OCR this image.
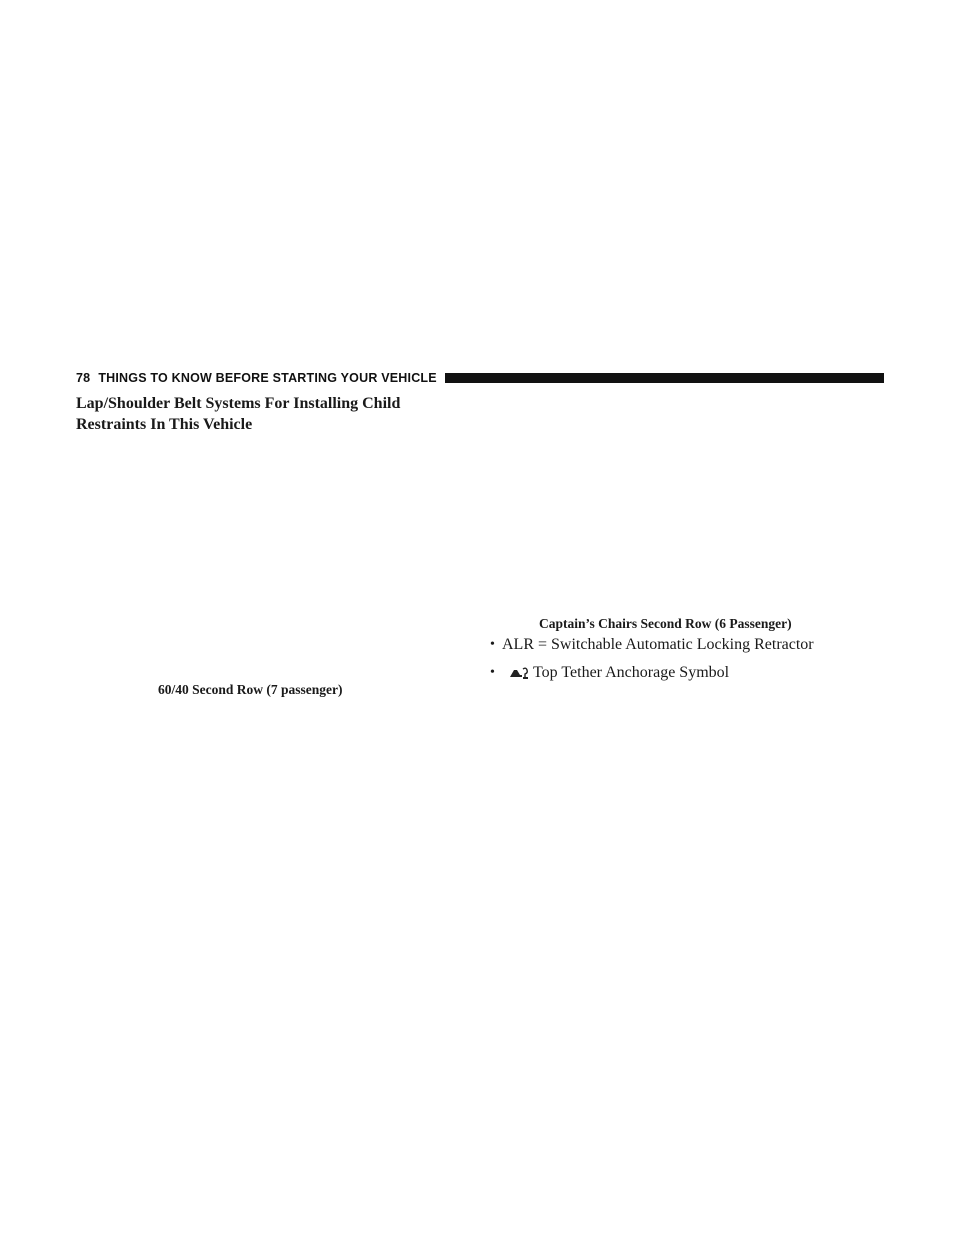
78 THINGS TO KNOW BEFORE STARTING YOUR VEHICLE
Lap/Shoulder Belt Systems For Installing Child
Restraints In This Vehicle
60/40 Second Row (7 passenger)
Captain’s Chairs Second Row (6 Passenger)
• ALR = Switchable Automatic Locking Retractor
•	Top Tether Anchorage Symbol
